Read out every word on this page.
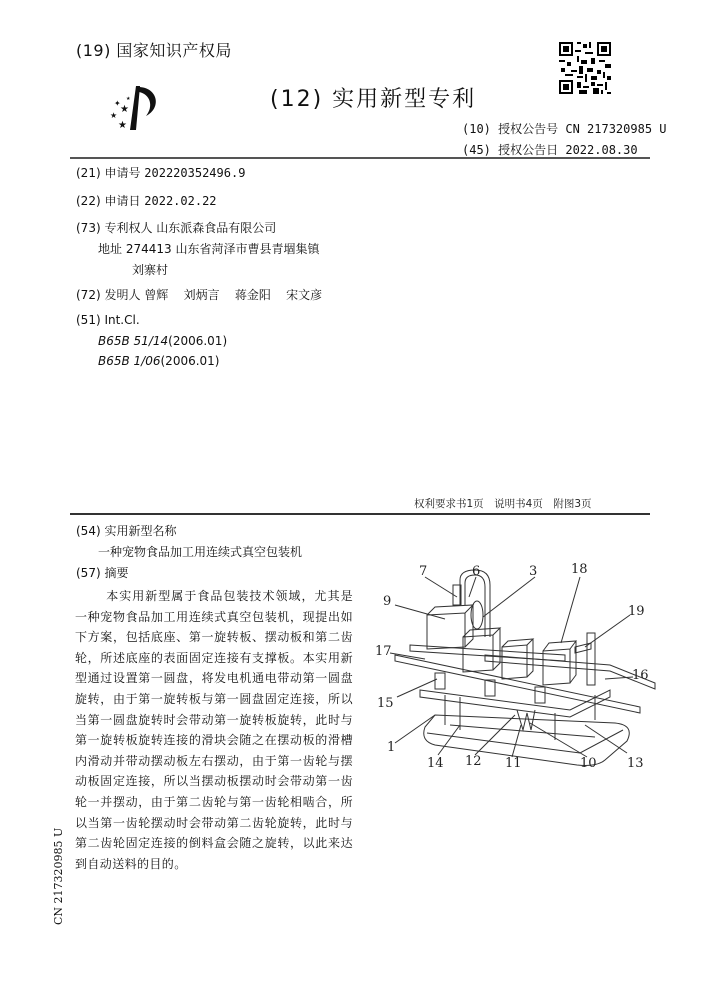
(19) 国家知识产权局
✦
★
★
★
★	(12) 实用新型专利
(10) 授权公告号 CN 217320985 U
(45) 授权公告日 2022.08.30
(21) 申请号 202220352496.9
(22) 申请日 2022.02.22
(73) 专利权人 山东派森食品有限公司
地址 274413 山东省菏泽市曹县青堌集镇
刘寨村
(72) 发明人 曾辉 刘炳言 蒋金阳 宋文彦
(51) Int.Cl.
B65B 51/14(2006.01)
B65B 1/06(2006.01)
权利要求书1页　说明书4页　附图3页
(54) 实用新型名称
一种宠物食品加工用连续式真空包装机
(57) 摘要

本实用新型属于食品包装技术领域，尤其是一种宠物食品加工用连续式真空包装机，现提出如下方案，包括底座、第一旋转板、摆动板和第二齿轮，所述底座的表面固定连接有支撑板。本实用新型通过设置第一圆盘，将发电机通电带动第一圆盘旋转，由于第一旋转板与第一圆盘固定连接，所以当第一圆盘旋转时会带动第一旋转板旋转，此时与第一旋转板旋转连接的滑块会随之在摆动板的滑槽内滑动并带动摆动板左右摆动，由于第一齿轮与摆动板固定连接，所以当摆动板摆动时会带动第一齿轮一并摆动，由于第二齿轮与第一齿轮相啮合，所以当第一齿轮摆动时会带动第二齿轮旋转，此时与第二齿轮固定连接的倒料盒会随之旋转，以此来达到自动送料的目的。

CN 217320985 U
7	6	3	18
9
19
17
16
15
1
13
14 12 11	10
